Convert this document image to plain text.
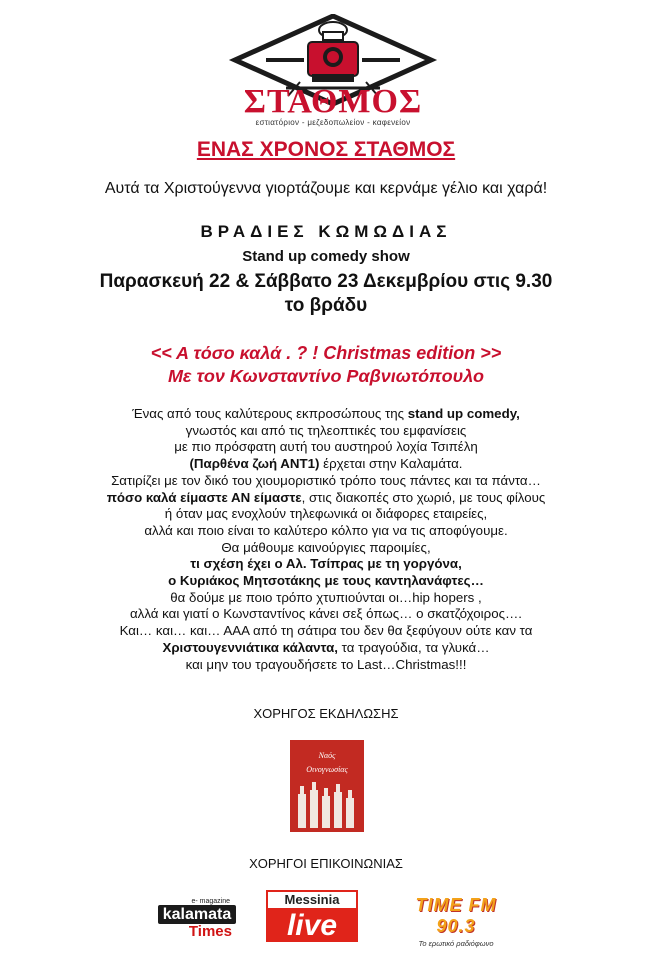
ΣΤΑΘΜΟΣ
εστιατόριον - μεζεδοπωλείον - καφενείον
ΕΝΑΣ ΧΡΟΝΟΣ ΣΤΑΘΜΟΣ
Αυτά τα Χριστούγεννα γιορτάζουμε και κερνάμε γέλιο και χαρά!
ΒΡΑΔΙΕΣ ΚΩΜΩΔΙΑΣ
Stand up comedy show
Παρασκευή 22 & Σάββατο 23 Δεκεμβρίου στις 9.30
το βράδυ
<< Α τόσο καλά . ? ! Christmas edition >>
Με τον Κωνσταντίνο Ραβνιωτόπουλο
Ένας από τους καλύτερους εκπροσώπους της stand up comedy,
γνωστός και από τις τηλεοπτικές του εμφανίσεις
με πιο πρόσφατη αυτή του αυστηρού λοχία Τσιπέλη
(Παρθένα ζωή ΑΝΤ1) έρχεται στην Καλαμάτα.
Σατιρίζει με τον δικό του χιουμοριστικό τρόπο τους πάντες και τα πάντα…
πόσο καλά είμαστε ΑΝ είμαστε, στις διακοπές στο χωριό, με τους φίλους
ή όταν μας ενοχλούν τηλεφωνικά οι διάφορες εταιρείες,
αλλά και ποιο είναι το καλύτερο κόλπο για να τις αποφύγουμε.
Θα μάθουμε καινούργιες παροιμίες,
τι σχέση έχει ο Αλ. Τσίπρας με τη γοργόνα,
ο Κυριάκος Μητσοτάκης με τους καντηλανάφτες…
θα δούμε με ποιο τρόπο χτυπιούνται οι…hip hopers ,
αλλά και γιατί ο Κωνσταντίνος κάνει σεξ όπως… ο σκατζόχοιρος….
Και… και… και… ΑΑΑ από τη σάτιρα του δεν θα ξεφύγουν ούτε καν τα
Χριστουγεννιάτικα κάλαντα, τα τραγούδια, τα γλυκά…
και μην του τραγουδήσετε το Last…Christmas!!!
ΧΟΡΗΓΟΣ ΕΚΔΗΛΩΣΗΣ
Ναός
Οινογνωσίας
ΧΟΡΗΓΟΙ ΕΠΙΚΟΙΝΩΝΙΑΣ
e- magazine
kalamata
Times
Messinia
live
TIME FM 90.3
Το ερωτικό ραδιόφωνο
